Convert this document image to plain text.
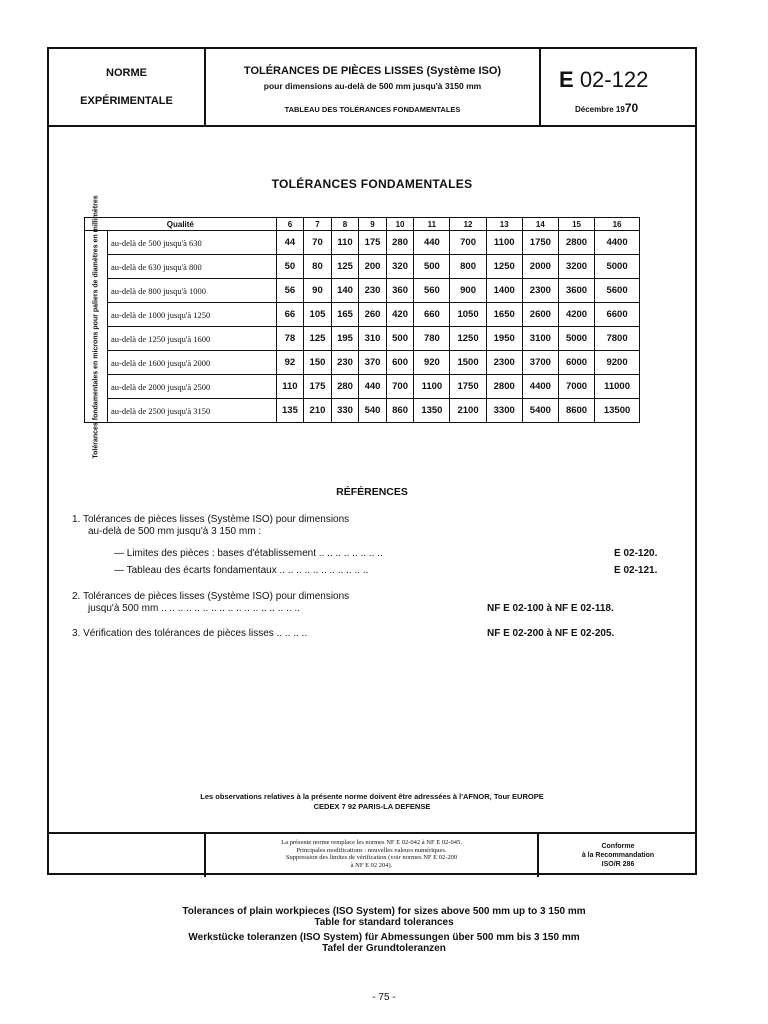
NORME
EXPÉRIMENTALE
TOLÉRANCES DE PIÈCES LISSES (Système ISO)
pour dimensions au-delà de 500 mm jusqu'à 3150 mm
TABLEAU DES TOLÉRANCES FONDAMENTALES
E 02-122
Décembre 1970
TOLÉRANCES FONDAMENTALES
Qualité		6	7	8	9	10	11	12	13	14	15	16

Tolérances fondamentales en microns pour paliers de diamètres en millimètres	au-delà de 500 jusqu'à 630	44	70	110	175	280	440	700	1100	1750	2800	4400
	au-delà de 630 jusqu'à 800	50	80	125	200	320	500	800	1250	2000	3200	5000
	au-delà de 800 jusqu'à 1000	56	90	140	230	360	560	900	1400	2300	3600	5600
	au-delà de 1000 jusqu'à 1250	66	105	165	260	420	660	1050	1650	2600	4200	6600
	au-delà de 1250 jusqu'à 1600	78	125	195	310	500	780	1250	1950	3100	5000	7800
	au-delà de 1600 jusqu'à 2000	92	150	230	370	600	920	1500	2300	3700	6000	9200
	au-delà de 2000 jusqu'à 2500	110	175	280	440	700	1100	1750	2800	4400	7000	11000
	au-delà de 2500 jusqu'à 3150	135	210	330	540	860	1350	2100	3300	5400	8600	13500
RÉFÉRENCES
1. Tolérances de pièces lisses (Système ISO) pour dimensions
au-delà de 500 mm jusqu'à 3 150 mm :
— Limites des pièces : bases d'établissement .. .. .. .. .. .. .. ..	E 02-120.
— Tableau des écarts fondamentaux .. .. .. .. .. .. .. .. .. .. ..	E 02-121.
2. Tolérances de pièces lisses (Système ISO) pour dimensions
jusqu'à 500 mm .. .. .. .. .. .. .. .. .. .. .. .. .. .. .. .. ..	NF E 02-100 à NF E 02-118.
3. Vérification des tolérances de pièces lisses .. .. .. ..	NF E 02-200 à NF E 02-205.
Les observations relatives à la présente norme doivent être adressées à l'AFNOR, Tour EUROPE
CEDEX 7 92 PARIS-LA DEFENSE
La présente norme remplace les normes NF E 02-042 à NF E 02-045.
Principales modifications : nouvelles valeurs numériques.
Suppression des limites de vérification (voir normes NF E 02-200
à NF E 02 204).
Conforme
à la Recommandation
ISO/R 286
Tolerances of plain workpieces (ISO System) for sizes above 500 mm up to 3 150 mm
Table for standard tolerances
Werkstücke toleranzen (ISO System) für Abmessungen über 500 mm bis 3 150 mm
Tafel der Grundtoleranzen
- 75 -
